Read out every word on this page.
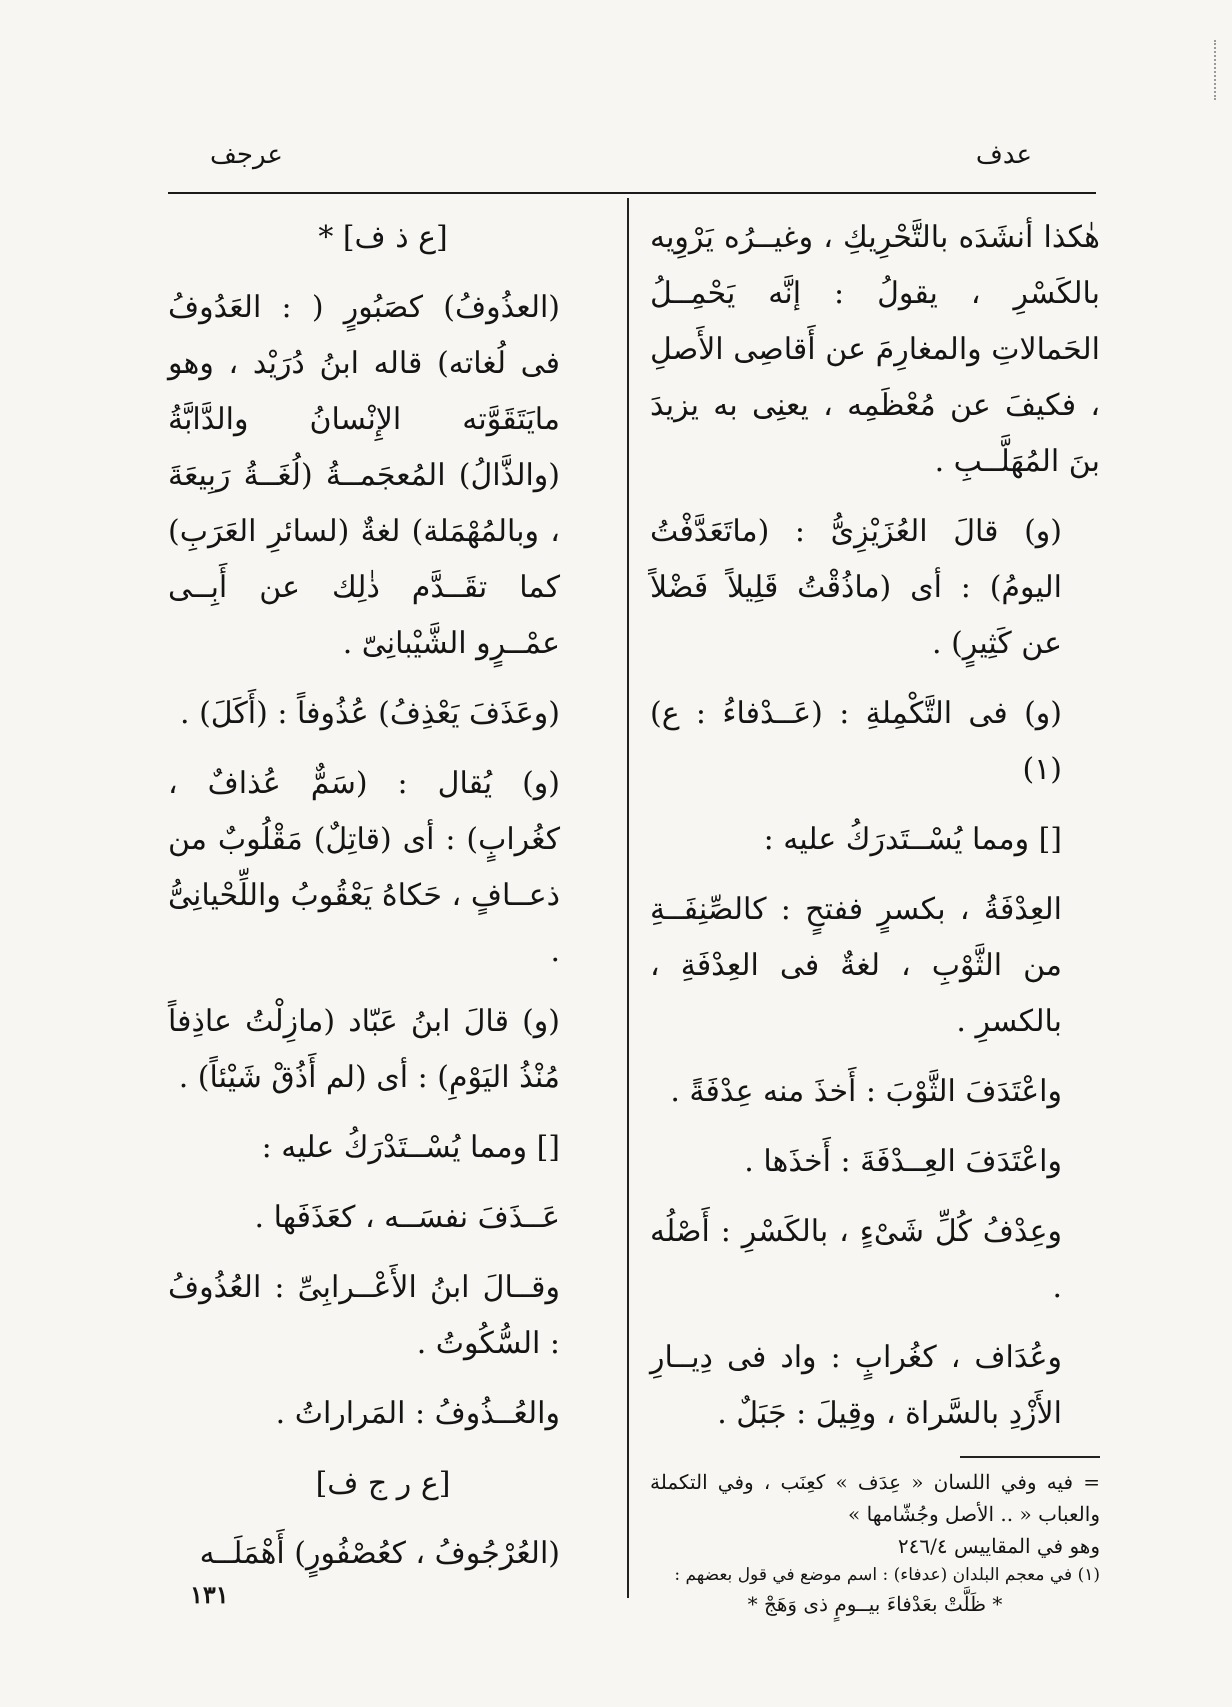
عدف
عرجف

هٰكذا أنشَدَه بالتَّحْرِيكِ ، وغيــرُه يَرْوِيه بالكَسْرِ ، يقولُ : إنَّه يَحْمِــلُ الحَمالاتِ والمغارِمَ عن أَقاصِى الأَصلِ ، فكيفَ عن مُعْظَمِه ، يعنِى به يزيدَ بنَ المُهَلَّــبِ .

(و) قالَ العُزَيْزِىُّ : (ماتَعَدَّفْتُ اليومُ) : أى (ماذُقْتُ قَلِيلاً فَضْلاً عن كَثِيرٍ) .

(و) فى التَّكْمِلةِ : (عَــدْفاءُ : ع) (١)

[] ومما يُسْــتَدرَكُ عليه :

العِدْفَةُ ، بكسرٍ ففتحٍ : كالصِّنِفَــةِ من الثَّوْبِ ، لغةٌ فى العِدْفَةِ ، بالكسرِ .

واعْتَدَفَ الثَّوْبَ : أَخذَ منه عِدْفَةً .

واعْتَدَفَ العِــدْفَةَ : أَخذَها .

وعِدْفُ كُلِّ شَىْءٍ ، بالكَسْرِ : أَصْلُه .

وعُدَاف ، كغُرابٍ : واد فى دِيــارِ الأَزْدِ بالسَّراة ، وقِيلَ : جَبَلٌ .

= فيه وفي اللسان « عِدَف » كعِنَب ، وفي التكملة والعباب « .. الأصل وجُشّامها »

وهو في المقاييس ٢٤٦/٤

(١) في معجم البلدان (عدفاء) : اسم موضع في قول بعضهم :

* ظَلَّتْ بعَدْفاءَ بيــومٍ ذى وَهَجْ *

[ع ذ ف] *

(العذُوفُ) كصَبُورٍ ( : العَدُوفُ فى لُغاته) قاله ابنُ دُرَيْد ، وهو مايَتَقَوَّته الإِنْسانُ والدَّابَّةُ (والذَّالُ) المُعجَمــةُ (لُغَــةُ رَبِيعَةَ ، وبالمُهْمَلة) لغةٌ (لسائرِ العَرَبِ) كما تقَــدَّم ذٰلِك عن أَبِــى عمْــرٍو الشَّيْبانِىّ .

(وعَذَفَ يَعْذِفُ) عُذُوفاً : (أَكَلَ) .

(و) يُقال : (سَمٌّ عُذافٌ ، كغُرابٍ) : أى (قاتِلٌ) مَقْلُوبٌ من ذعــافٍ ، حَكاهُ يَعْقُوبُ واللِّحْيانِىُّ .

(و) قالَ ابنُ عَبّاد (مازِلْتُ عاذِفاً مُنْذُ اليَوْمِ) : أى (لم أَذُقْ شَيْئاً) .

[] ومما يُسْــتَدْرَكُ عليه :

عَــذَفَ نفسَــه ، كعَذَفَها .

وقــالَ ابنُ الأَعْــرابِىِّ : العُذُوفُ : السُّكُوتُ .

والعُــذُوفُ : المَراراتُ .

[ع ر ج ف]

(العُرْجُوفُ ، كعُصْفُورٍ) أَهْمَلَــه

١٣١
